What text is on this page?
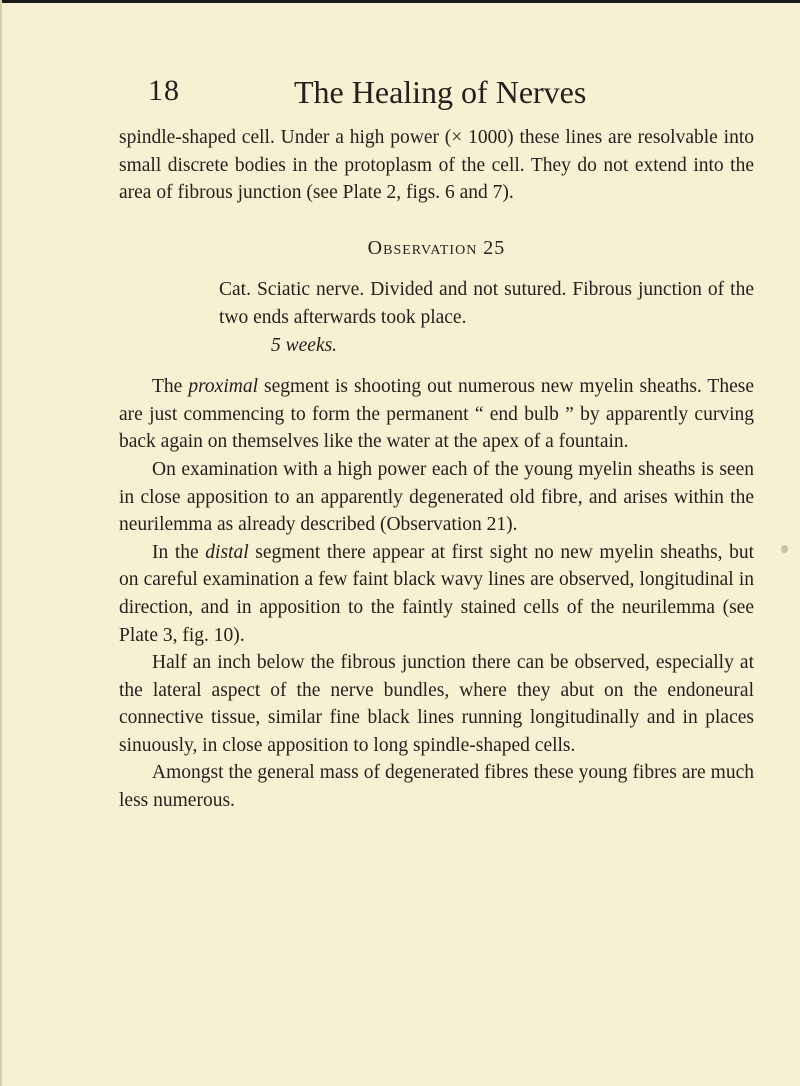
18	The Healing of Nerves

spindle-shaped cell. Under a high power (× 1000) these lines are resolvable into small discrete bodies in the protoplasm of the cell. They do not extend into the area of fibrous junction (see Plate 2, figs. 6 and 7).

Observation 25

Cat. Sciatic nerve. Divided and not sutured. Fibrous junction of the two ends afterwards took place.

5 weeks.

The proximal segment is shooting out numerous new myelin sheaths. These are just commencing to form the permanent “ end bulb ” by apparently curving back again on themselves like the water at the apex of a fountain.

On examination with a high power each of the young myelin sheaths is seen in close apposition to an apparently degenerated old fibre, and arises within the neurilemma as already described (Observation 21).

In the distal segment there appear at first sight no new myelin sheaths, but on careful examination a few faint black wavy lines are observed, longitudinal in direction, and in apposition to the faintly stained cells of the neurilemma (see Plate 3, fig. 10).

Half an inch below the fibrous junction there can be observed, especially at the lateral aspect of the nerve bundles, where they abut on the endoneural connective tissue, similar fine black lines running longitudinally and in places sinuously, in close apposition to long spindle-shaped cells.

Amongst the general mass of degenerated fibres these young fibres are much less numerous.
